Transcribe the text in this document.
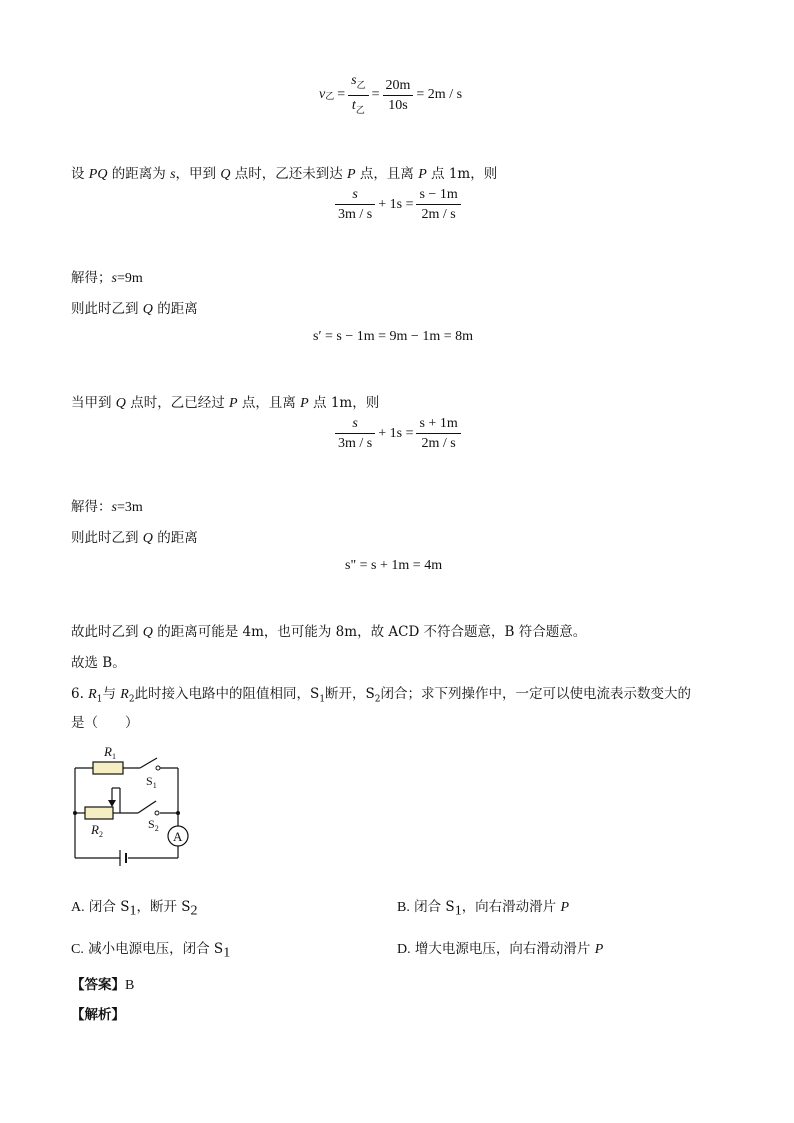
v 乙 = $\frac{s_乙}{t_乙} = \frac{20m}{10s} = 2m / s$
设 PQ 的距离为 s，甲到 Q 点时，乙还未到达 P 点，且离 P 点 1m，则
$\frac{s}{3m / s} + 1s = \frac{s - 1m}{2m / s}$
解得；s=9m
则此时乙到 Q 的距离
s′ = s − 1m = 9m − 1m = 8m
当甲到 Q 点时，乙已经过 P 点，且离 P 点 1m，则
$\frac{s}{3m / s} + 1s = \frac{s + 1m}{2m / s}$
解得：s=3m
则此时乙到 Q 的距离
s" = s + 1m = 4m
故此时乙到 Q 的距离可能是 4m，也可能为 8m，故 ACD 不符合题意，B 符合题意。
故选 B。
6. $R_1$与 $R_2$此时接入电路中的阻值相同，$S_1$断开，$S_2$闭合；求下列操作中，一定可以使电流表示数变大的
是（　　）
$R_1$
$S_1$
$R_2$
$S_2$
A
A. 闭合 $S_1$，断开 $S_2$	B. 闭合 $S_1$，向右滑动滑片 P
C. 减小电源电压，闭合 $S_1$	D. 增大电源电压，向右滑动滑片 P
【答案】B
【解析】
